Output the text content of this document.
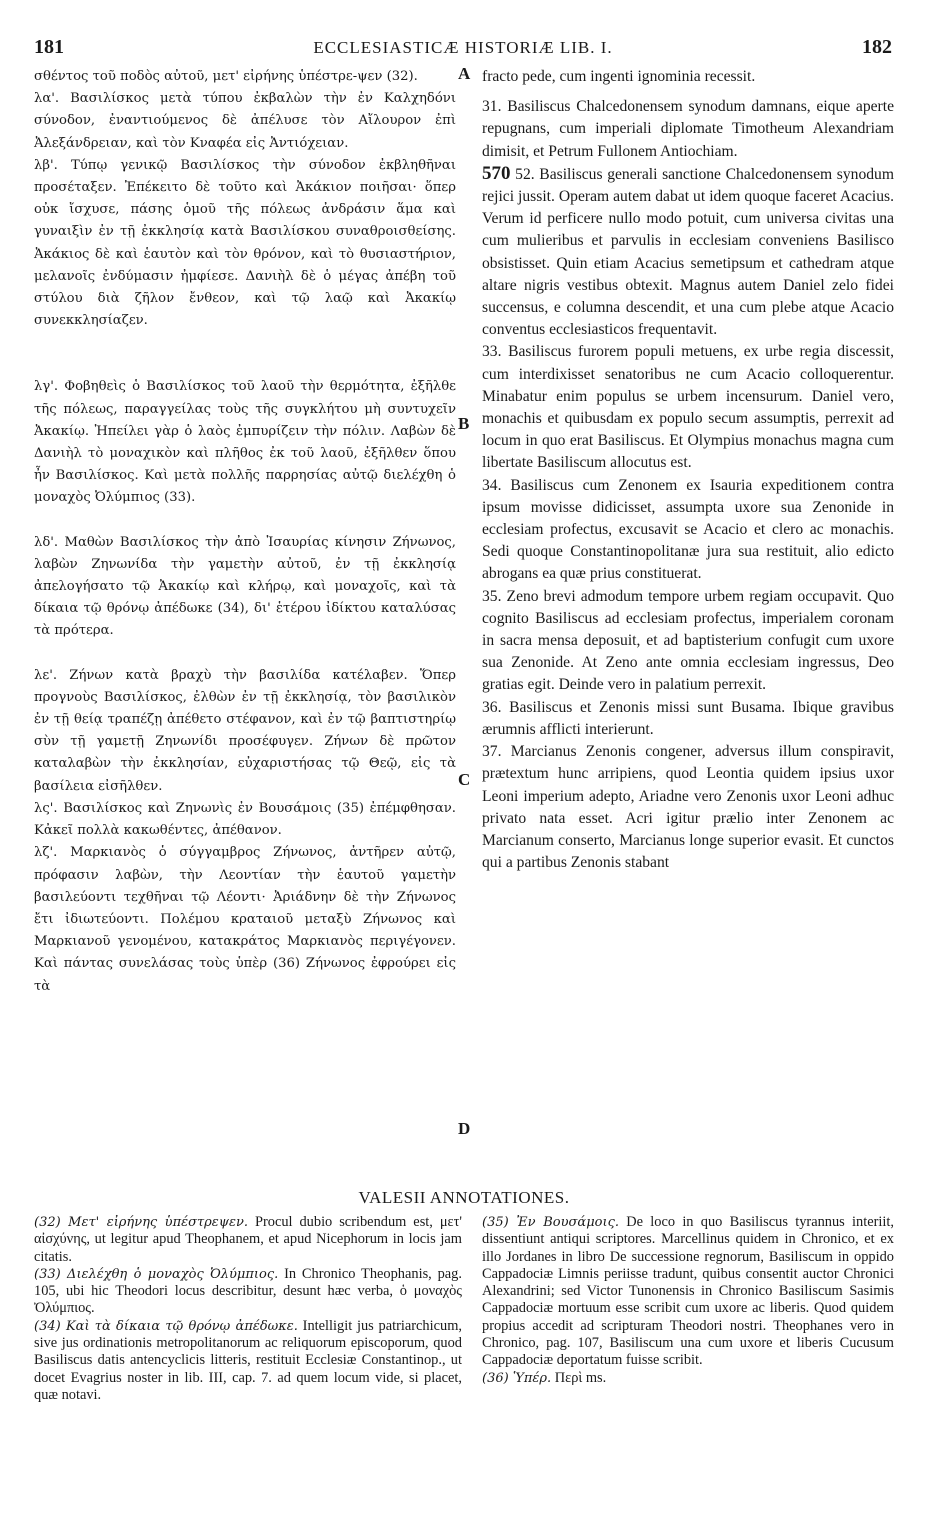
181	ECCLESIASTICÆ HISTORIÆ LIB. I.	182
A
B
C
D

σθέντος τοῦ ποδὸς αὐτοῦ, μετ' εἰρήνης ὑπέστρε-ψεν (32).

λα'. Βασιλίσκος μετὰ τύπου ἐκβαλὼν τὴν ἐν Καλχηδόνι σύνοδον, ἐναντιούμενος δὲ ἀπέλυσε τὸν Αἴλουρον ἐπὶ Ἀλεξάνδρειαν, καὶ τὸν Κναφέα εἰς Ἀντιόχειαν.

λβ'. Τύπῳ γενικῷ Βασιλίσκος τὴν σύνοδον ἐκβληθῆναι προσέταξεν. Ἐπέκειτο δὲ τοῦτο καὶ Ἀκάκιον ποιῆσαι· ὅπερ οὐκ ἴσχυσε, πάσης ὁμοῦ τῆς πόλεως ἀνδράσιν ἅμα καὶ γυναιξὶν ἐν τῇ ἐκκλησίᾳ κατὰ Βασιλίσκου συναθροισθείσης. Ἀκάκιος δὲ καὶ ἑαυτὸν καὶ τὸν θρόνον, καὶ τὸ θυσιαστήριον, μελανοῖς ἐνδύμασιν ἠμφίεσε. Δανιὴλ δὲ ὁ μέγας ἀπέβη τοῦ στύλου διὰ ζῆλον ἔνθεον, καὶ τῷ λαῷ καὶ Ἀκακίῳ συνεκκλησίαζεν.

λγ'. Φοβηθεὶς ὁ Βασιλίσκος τοῦ λαοῦ τὴν θερμότητα, ἐξῆλθε τῆς πόλεως, παραγγείλας τοὺς τῆς συγκλήτου μὴ συντυχεῖν Ἀκακίῳ. Ἠπείλει γὰρ ὁ λαὸς ἐμπυρίζειν τὴν πόλιν. Λαβὼν δὲ Δανιὴλ τὸ μοναχικὸν καὶ πλῆθος ἐκ τοῦ λαοῦ, ἐξῆλθεν ὅπου ἦν Βασιλίσκος. Καὶ μετὰ πολλῆς παρρησίας αὐτῷ διελέχθη ὁ μοναχὸς Ὀλύμπιος (33).

λδ'. Μαθὼν Βασιλίσκος τὴν ἀπὸ Ἰσαυρίας κίνησιν Ζήνωνος, λαβὼν Ζηνωνίδα τὴν γαμετὴν αὐτοῦ, ἐν τῇ ἐκκλησίᾳ ἀπελογήσατο τῷ Ἀκακίῳ καὶ κλήρῳ, καὶ μοναχοῖς, καὶ τὰ δίκαια τῷ θρόνῳ ἀπέδωκε (34), δι' ἑτέρου ἰδίκτου καταλύσας τὰ πρότερα.

λε'. Ζήνων κατὰ βραχὺ τὴν βασιλίδα κατέλαβεν. Ὅπερ προγνοὺς Βασιλίσκος, ἐλθὼν ἐν τῇ ἐκκλησίᾳ, τὸν βασιλικὸν ἐν τῇ θείᾳ τραπέζῃ ἀπέθετο στέφανον, καὶ ἐν τῷ βαπτιστηρίῳ σὺν τῇ γαμετῇ Ζηνωνίδι προσέφυγεν. Ζήνων δὲ πρῶτον καταλαβὼν τὴν ἐκκλησίαν, εὐχαριστήσας τῷ Θεῷ, εἰς τὰ βασίλεια εἰσῆλθεν.

λς'. Βασιλίσκος καὶ Ζηνωνὶς ἐν Βουσάμοις (35) ἐπέμφθησαν. Κἀκεῖ πολλὰ κακωθέντες, ἀπέθανον.

λζ'. Μαρκιανὸς ὁ σύγγαμβρος Ζήνωνος, ἀντῆρεν αὐτῷ, πρόφασιν λαβὼν, τὴν Λεοντίαν τὴν ἑαυτοῦ γαμετὴν βασιλεύοντι τεχθῆναι τῷ Λέοντι· Ἀριάδνην δὲ τὴν Ζήνωνος ἔτι ἰδιωτεύοντι. Πολέμου κραταιοῦ μεταξὺ Ζήνωνος καὶ Μαρκιανοῦ γενομένου, κατακράτος Μαρκιανὸς περιγέγονεν. Καὶ πάντας συνελάσας τοὺς ὑπὲρ (36) Ζήνωνος ἐφρούρει εἰς τὰ

fracto pede, cum ingenti ignominia recessit.

31. Basiliscus Chalcedonensem synodum damnans, eique aperte repugnans, cum imperiali diplomate Timotheum Alexandriam dimisit, et Petrum Fullonem Antiochiam.

570 52. Basiliscus generali sanctione Chalcedonensem synodum rejici jussit. Operam autem dabat ut idem quoque faceret Acacius. Verum id perficere nullo modo potuit, cum universa civitas una cum mulieribus et parvulis in ecclesiam conveniens Basilisco obsistisset. Quin etiam Acacius semetipsum et cathedram atque altare nigris vestibus obtexit. Magnus autem Daniel zelo fidei succensus, e columna descendit, et una cum plebe atque Acacio conventus ecclesiasticos frequentavit.

33. Basiliscus furorem populi metuens, ex urbe regia discessit, cum interdixisset senatoribus ne cum Acacio colloquerentur. Minabatur enim populus se urbem incensurum. Daniel vero, monachis et quibusdam ex populo secum assumptis, perrexit ad locum in quo erat Basiliscus. Et Olympius monachus magna cum libertate Basiliscum allocutus est.

34. Basiliscus cum Zenonem ex Isauria expeditionem contra ipsum movisse didicisset, assumpta uxore sua Zenonide in ecclesiam profectus, excusavit se Acacio et clero ac monachis. Sedi quoque Constantinopolitanæ jura sua restituit, alio edicto abrogans ea quæ prius constituerat.

35. Zeno brevi admodum tempore urbem regiam occupavit. Quo cognito Basiliscus ad ecclesiam profectus, imperialem coronam in sacra mensa deposuit, et ad baptisterium confugit cum uxore sua Zenonide. At Zeno ante omnia ecclesiam ingressus, Deo gratias egit. Deinde vero in palatium perrexit.

36. Basiliscus et Zenonis missi sunt Busama. Ibique gravibus ærumnis afflicti interierunt.

37. Marcianus Zenonis congener, adversus illum conspiravit, prætextum hunc arripiens, quod Leontia quidem ipsius uxor Leoni imperium adepto, Ariadne vero Zenonis uxor Leoni adhuc privato nata esset. Acri igitur prælio inter Zenonem ac Marcianum conserto, Marcianus longe superior evasit. Et cunctos qui a partibus Zenonis stabant

VALESII ANNOTATIONES.

(32) Μετ' εἰρήνης ὑπέστρεψεν. Procul dubio scribendum est, μετ' αἰσχύνης, ut legitur apud Theophanem, et apud Nicephorum in locis jam citatis.

(33) Διελέχθη ὁ μοναχὸς Ὀλύμπιος. In Chronico Theophanis, pag. 105, ubi hic Theodori locus describitur, desunt hæc verba, ὁ μοναχὸς Ὀλύμπιος.

(34) Καὶ τὰ δίκαια τῷ θρόνῳ ἀπέδωκε. Intelligit jus patriarchicum, sive jus ordinationis metropolitanorum ac reliquorum episcoporum, quod Basiliscus datis antencyclicis litteris, restituit Ecclesiæ Constantinop., ut docet Evagrius noster in lib. III, cap. 7. ad quem locum vide, si placet, quæ notavi.

(35) Ἐν Βουσάμοις. De loco in quo Basiliscus tyrannus interiit, dissentiunt antiqui scriptores. Marcellinus quidem in Chronico, et ex illo Jordanes in libro De successione regnorum, Basiliscum in oppido Cappadociæ Limnis periisse tradunt, quibus consentit auctor Chronici Alexandrini; sed Victor Tunonensis in Chronico Basiliscum Sasimis Cappadociæ mortuum esse scribit cum uxore ac liberis. Quod quidem propius accedit ad scripturam Theodori nostri. Theophanes vero in Chronico, pag. 107, Basiliscum una cum uxore et liberis Cucusum Cappadociæ deportatum fuisse scribit.

(36) Ὑπέρ. Περὶ ms.
